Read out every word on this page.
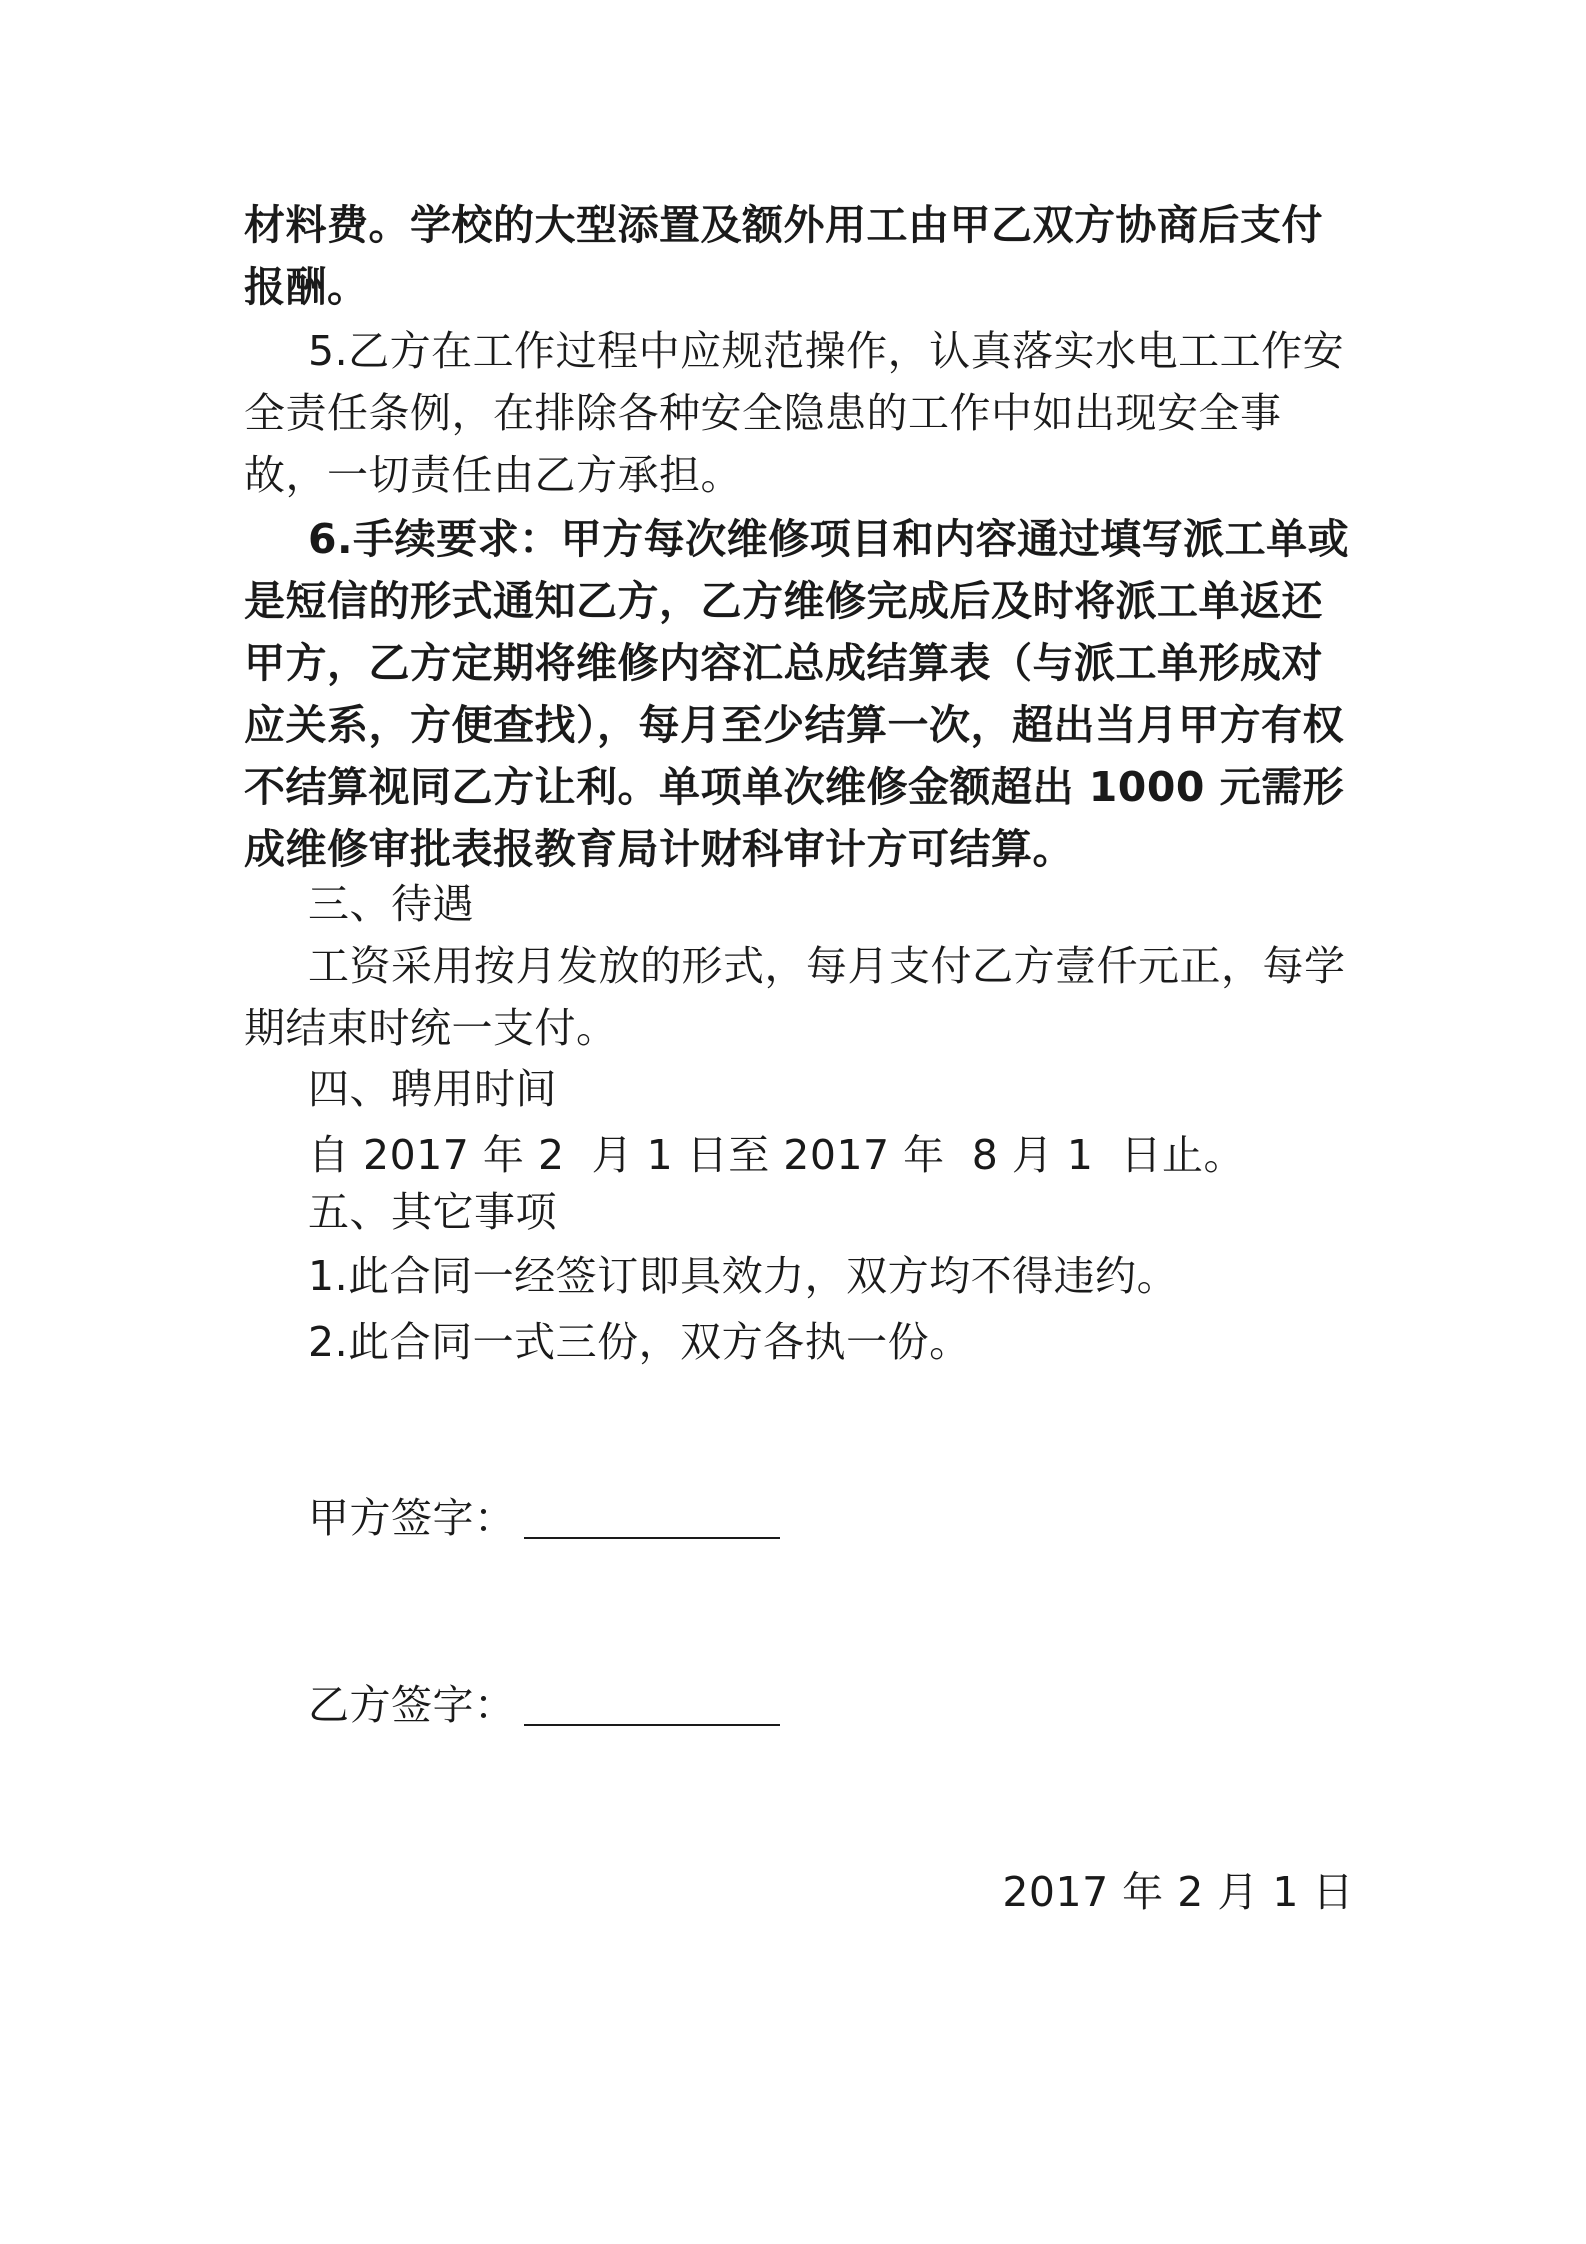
材料费。学校的大型添置及额外用工由甲乙双方协商后支付报酬。
5.乙方在工作过程中应规范操作，认真落实水电工工作安全责任条例，在排除各种安全隐患的工作中如出现安全事故，一切责任由乙方承担。
6.手续要求：甲方每次维修项目和内容通过填写派工单或是短信的形式通知乙方，乙方维修完成后及时将派工单返还甲方，乙方定期将维修内容汇总成结算表（与派工单形成对应关系，方便查找），每月至少结算一次，超出当月甲方有权不结算视同乙方让利。单项单次维修金额超出 1000 元需形成维修审批表报教育局计财科审计方可结算。
三、待遇
工资采用按月发放的形式，每月支付乙方壹仟元正，每学期结束时统一支付。
四、聘用时间
自 2017 年 2  月 1 日至 2017 年  8 月 1  日止。
五、其它事项
1.此合同一经签订即具效力，双方均不得违约。
2.此合同一式三份，双方各执一份。
甲方签字：
乙方签字：
2017 年 2 月 1 日
